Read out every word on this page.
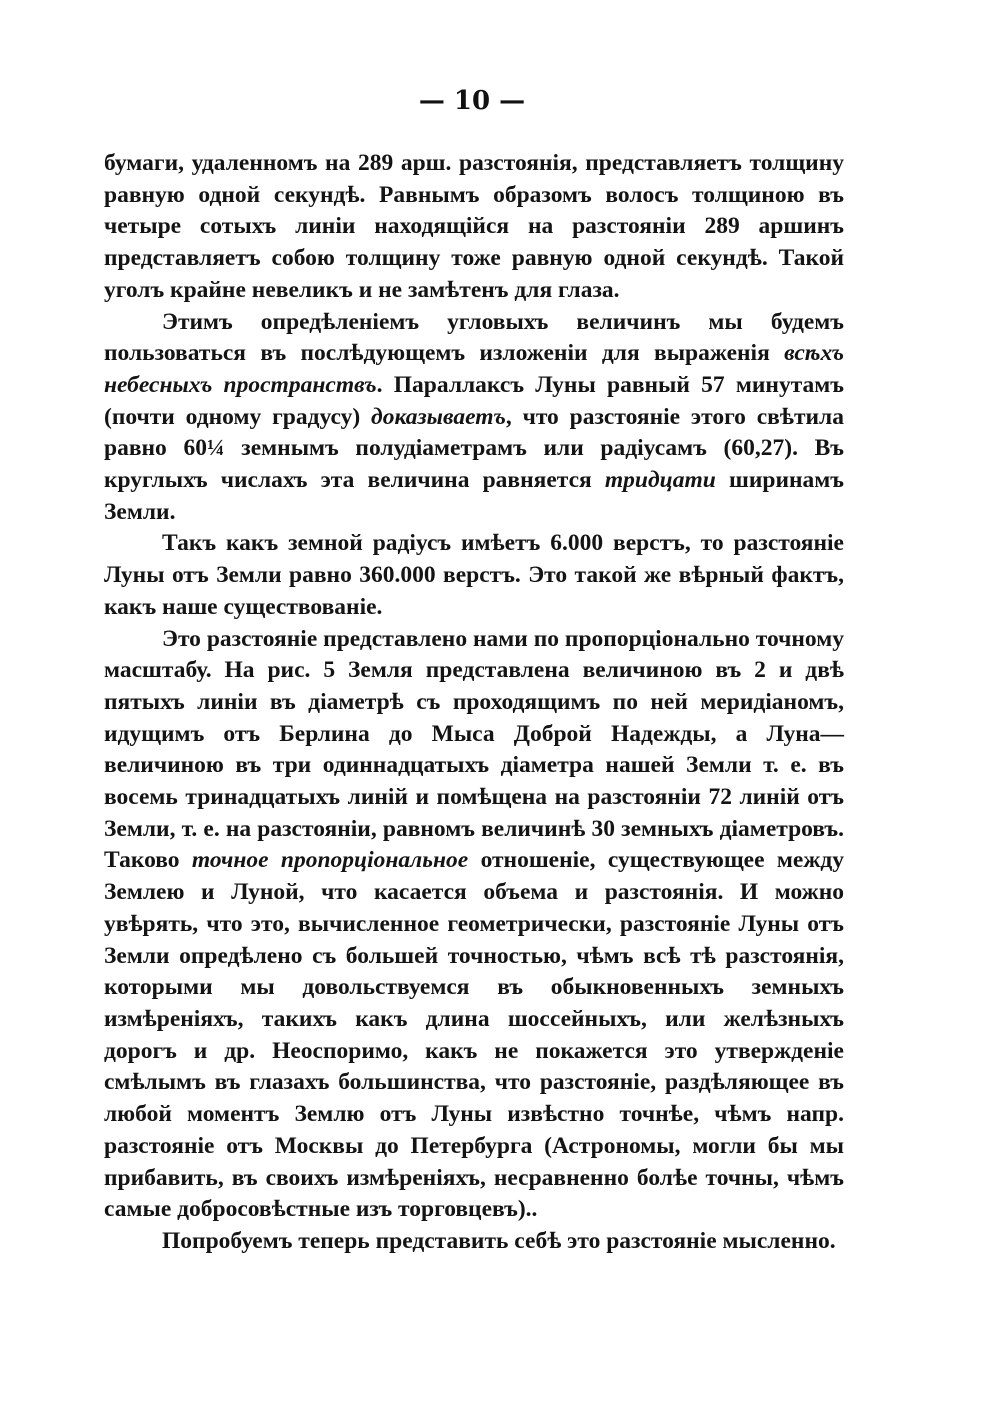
— 10 —

бумаги, удаленномъ на 289 арш. разстоянія, представляетъ толщину равную одной секундѣ. Равнымъ образомъ волосъ толщиною въ четыре сотыхъ линіи находящійся на разстояніи 289 аршинъ представляетъ собою толщину тоже равную одной секундѣ. Такой уголъ крайне невеликъ и не замѣтенъ для глаза.

Этимъ опредѣленіемъ угловыхъ величинъ мы будемъ пользоваться въ послѣдующемъ изложеніи для выраженія всѣхъ небесныхъ пространствъ. Параллаксъ Луны равный 57 минутамъ (почти одному градусу) доказываетъ, что разстояніе этого свѣтила равно 60¼ земнымъ полудіаметрамъ или радіусамъ (60,27). Въ круглыхъ числахъ эта величина равняется тридцати ширинамъ Земли.

Такъ какъ земной радіусъ имѣетъ 6.000 верстъ, то разстояніе Луны отъ Земли равно 360.000 верстъ. Это такой же вѣрный фактъ, какъ наше существованіе.

Это разстояніе представлено нами по пропорціонально точному масштабу. На рис. 5 Земля представлена величиною въ 2 и двѣ пятыхъ линіи въ діаметрѣ съ проходящимъ по ней меридіаномъ, идущимъ отъ Берлина до Мыса Доброй Надежды, а Луна—величиною въ три одиннадцатыхъ діаметра нашей Земли т. е. въ восемь тринадцатыхъ линій и помѣщена на разстояніи 72 линій отъ Земли, т. е. на разстояніи, равномъ величинѣ 30 земныхъ діаметровъ. Таково точное пропорціональное отношеніе, существующее между Землею и Луной, что касается объема и разстоянія. И можно увѣрять, что это, вычисленное геометрически, разстояніе Луны отъ Земли опредѣлено съ большей точностью, чѣмъ всѣ тѣ разстоянія, которыми мы довольствуемся въ обыкновенныхъ земныхъ измѣреніяхъ, такихъ какъ длина шоссейныхъ, или желѣзныхъ дорогъ и др. Неоспоримо, какъ не покажется это утвержденіе смѣлымъ въ глазахъ большинства, что разстояніе, раздѣляющее въ любой моментъ Землю отъ Луны извѣстно точнѣе, чѣмъ напр. разстояніе отъ Москвы до Петербурга (Астрономы, могли бы мы прибавить, въ своихъ измѣреніяхъ, несравненно болѣе точны, чѣмъ самые добросовѣстные изъ торговцевъ)..

Попробуемъ теперь представить себѣ это разстояніе мысленно.
